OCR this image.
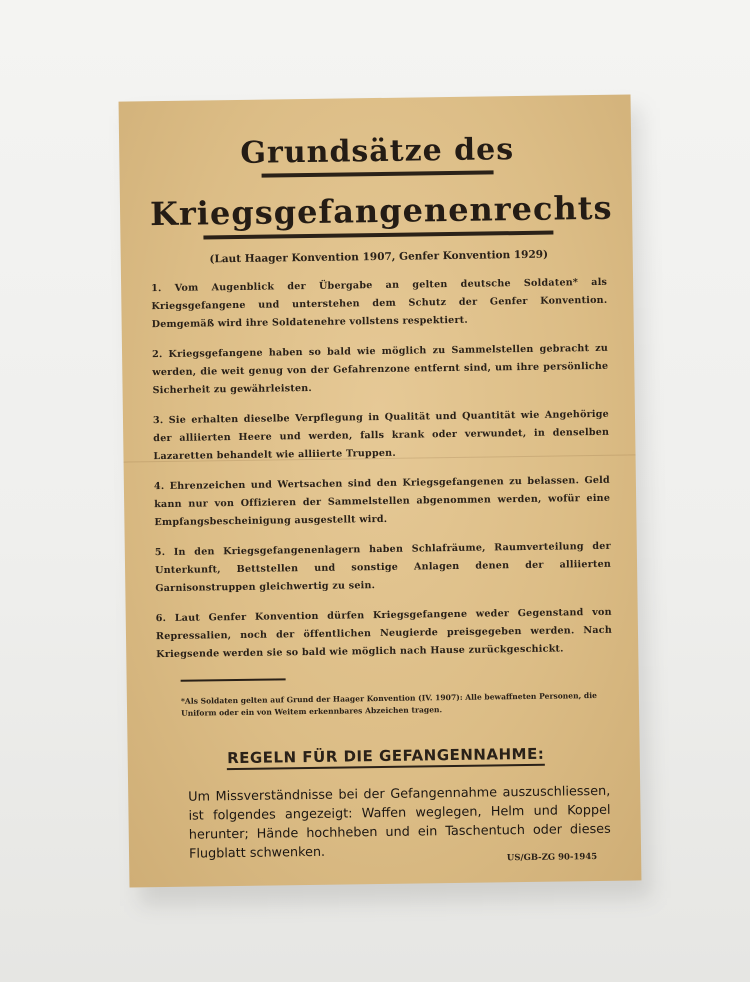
Grundsätze des
Kriegsgefangenenrechts
(Laut Haager Konvention 1907, Genfer Konvention 1929)
1. Vom Augenblick der Übergabe an gelten deutsche Soldaten* als Kriegsgefangene und unterstehen dem Schutz der Genfer Konvention. Demgemäß wird ihre Soldatenehre vollstens respektiert.
2. Kriegsgefangene haben so bald wie möglich zu Sammelstellen gebracht zu werden, die weit genug von der Gefahrenzone entfernt sind, um ihre persönliche Sicherheit zu gewährleisten.
3. Sie erhalten dieselbe Verpflegung in Qualität und Quantität wie Angehörige der alliierten Heere und werden, falls krank oder verwundet, in denselben Lazaretten behandelt wie alliierte Truppen.
4. Ehrenzeichen und Wertsachen sind den Kriegsgefangenen zu belassen. Geld kann nur von Offizieren der Sammelstellen abgenommen werden, wofür eine Empfangsbescheinigung ausgestellt wird.
5. In den Kriegsgefangenenlagern haben Schlafräume, Raumverteilung der Unterkunft, Bettstellen und sonstige Anlagen denen der alliierten Garnisonstruppen gleichwertig zu sein.
6. Laut Genfer Konvention dürfen Kriegsgefangene weder Gegenstand von Repressalien, noch der öffentlichen Neugierde preisgegeben werden. Nach Kriegsende werden sie so bald wie möglich nach Hause zurückgeschickt.
*Als Soldaten gelten auf Grund der Haager Konvention (IV. 1907): Alle bewaffneten Personen, die Uniform oder ein von Weitem erkennbares Abzeichen tragen.
REGELN FÜR DIE GEFANGENNAHME:
Um Missverständnisse bei der Gefangennahme auszuschliessen, ist folgendes angezeigt: Waffen weglegen, Helm und Koppel herunter; Hände hochheben und ein Taschentuch oder dieses Flugblatt schwenken.	US/GB-ZG 90-1945
